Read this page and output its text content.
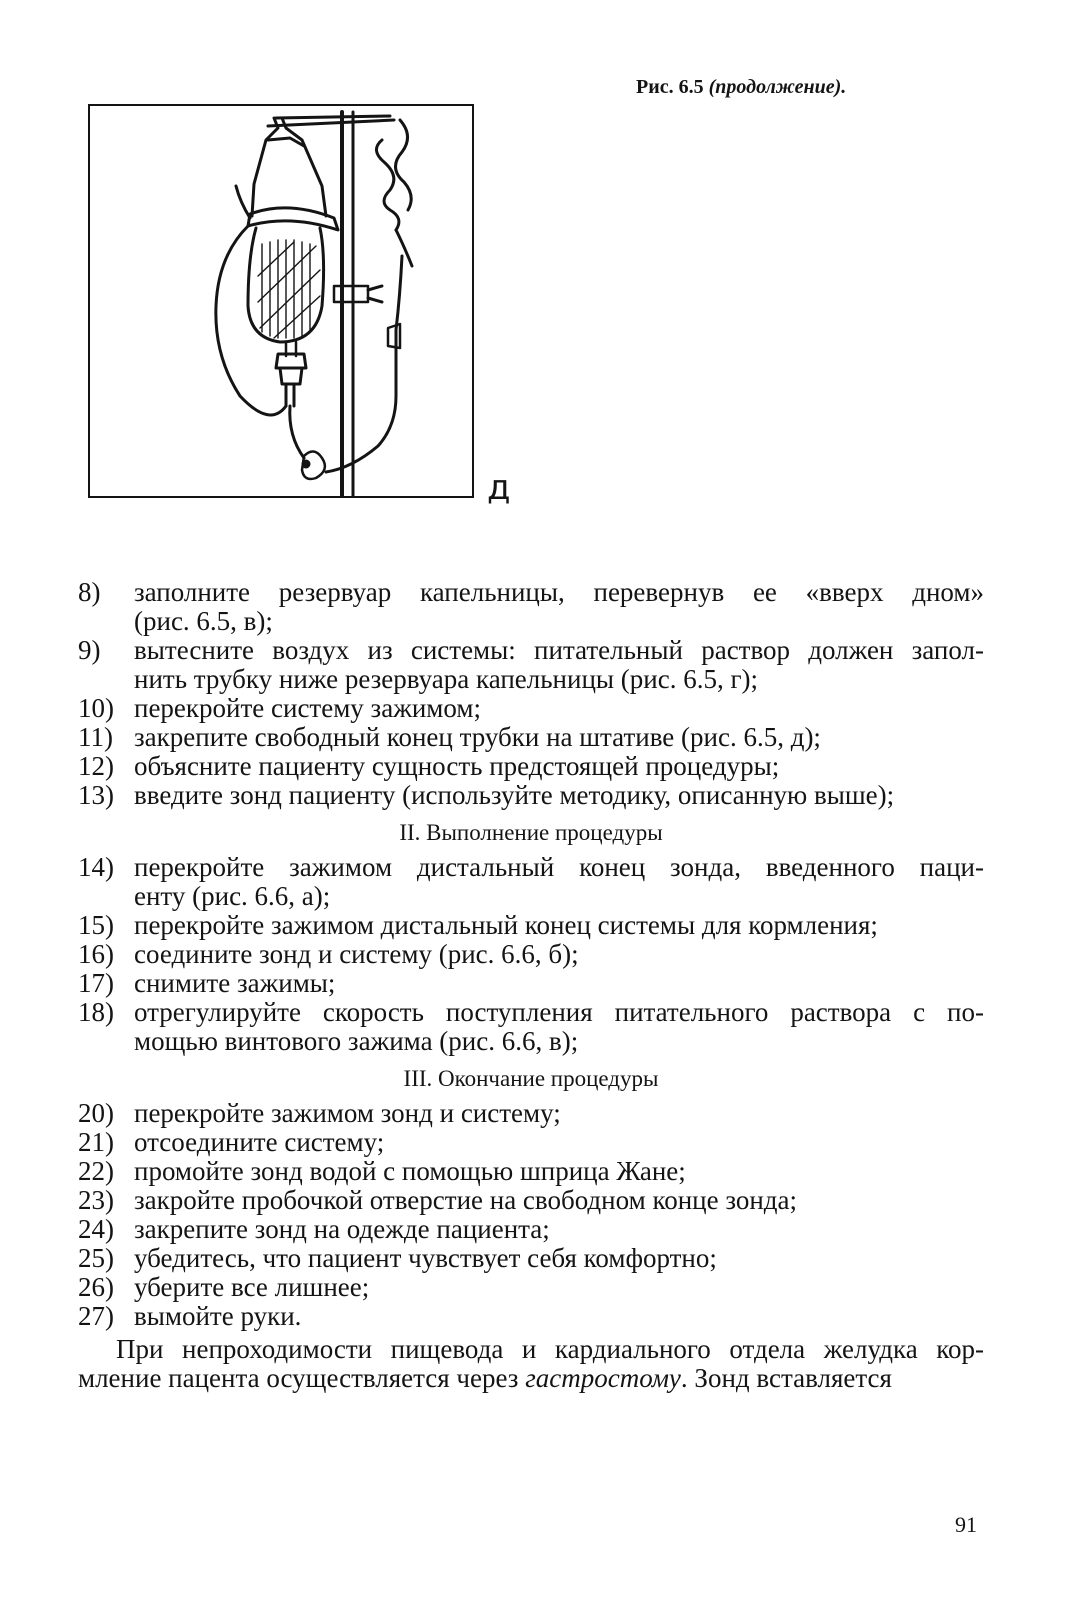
Рис. 6.5 (продолжение).
д
8)	заполните резервуар капельницы, перевернув ее «вверх дном»
(рис. 6.5, в);
9)	вытесните воздух из системы: питательный раствор должен запол-
нить трубку ниже резервуара капельницы (рис. 6.5, г);
10) перекройте систему зажимом;
11) закрепите свободный конец трубки на штативе (рис. 6.5, д);
12) объясните пациенту сущность предстоящей процедуры;
13) введите зонд пациенту (используйте методику, описанную выше);
II. Выполнение процедуры
14) перекройте зажимом дистальный конец зонда, введенного паци-
енту (рис. 6.6, а);
15) перекройте зажимом дистальный конец системы для кормления;
16) соедините зонд и систему (рис. 6.6, б);
17) снимите зажимы;
18) отрегулируйте скорость поступления питательного раствора с по-
мощью винтового зажима (рис. 6.6, в);
III. Окончание процедуры
20) перекройте зажимом зонд и систему;
21) отсоедините систему;
22) промойте зонд водой с помощью шприца Жане;
23) закройте пробочкой отверстие на свободном конце зонда;
24) закрепите зонд на одежде пациента;
25) убедитесь, что пациент чувствует себя комфортно;
26) уберите все лишнее;
27) вымойте руки.
При непроходимости пищевода и кардиального отдела желудка кор-мление пацента осуществляется через гастростому. Зонд вставляется
91
